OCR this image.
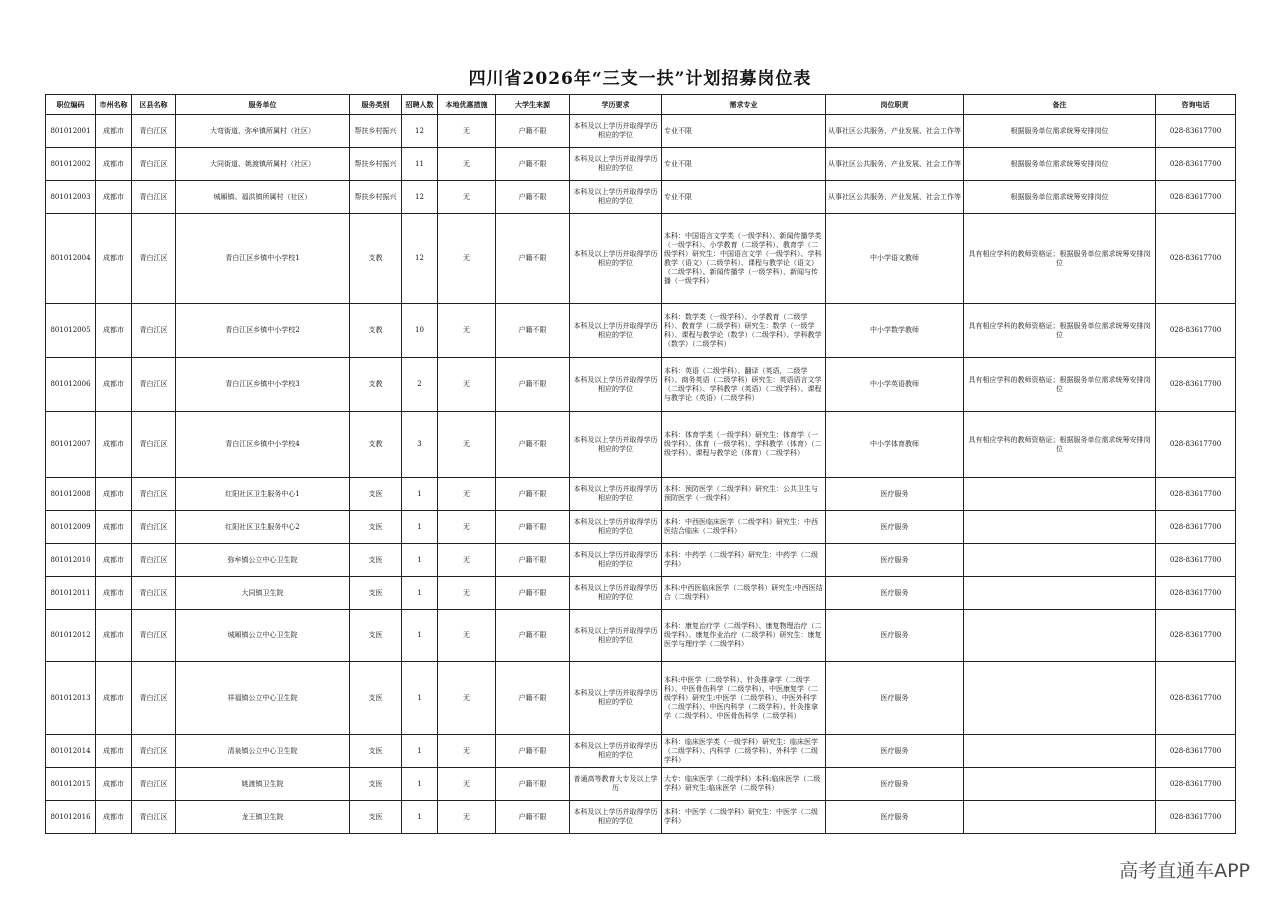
四川省2026年“三支一扶”计划招募岗位表
职位编码	市州名称	区县名称	服务单位	服务类别	招聘人数	本地优惠措施	大学生来源	学历要求	需求专业	岗位职责	备注	咨询电话
801012001	成都市	青白江区	大弯街道、弥牟镇所属村（社区）	帮扶乡村振兴	12	无	户籍不限	本科及以上学历并取得学历相应的学位	专业不限	从事社区公共服务、产业发展、社会工作等	根据服务单位需求统筹安排岗位	028-83617700
801012002	成都市	青白江区	大同街道、姚渡镇所属村（社区）	帮扶乡村振兴	11	无	户籍不限	本科及以上学历并取得学历相应的学位	专业不限	从事社区公共服务、产业发展、社会工作等	根据服务单位需求统筹安排岗位	028-83617700
801012003	成都市	青白江区	城厢镇、福洪镇所属村（社区）	帮扶乡村振兴	12	无	户籍不限	本科及以上学历并取得学历相应的学位	专业不限	从事社区公共服务、产业发展、社会工作等	根据服务单位需求统筹安排岗位	028-83617700
801012004	成都市	青白江区	青白江区乡镇中小学校1	支教	12	无	户籍不限	本科及以上学历并取得学历相应的学位	本科：中国语言文学类（一级学科）、新闻传播学类（一级学科）、小学教育（二级学科）、教育学（二级学科）研究生：中国语言文学（一级学科）、学科教学（语文）（二级学科）、课程与教学论（语文）（二级学科）、新闻传播学（一级学科）、新闻与传播（一级学科）	中小学语文教师	具有相应学科的教师资格证；根据服务单位需求统筹安排岗位	028-83617700
801012005	成都市	青白江区	青白江区乡镇中小学校2	支教	10	无	户籍不限	本科及以上学历并取得学历相应的学位	本科：数学类（一级学科）、小学教育（二级学科）、教育学（二级学科）研究生：数学（一级学科）、课程与教学论（数学）（二级学科）、学科教学（数学）（二级学科）	中小学数学教师	具有相应学科的教师资格证；根据服务单位需求统筹安排岗位	028-83617700
801012006	成都市	青白江区	青白江区乡镇中小学校3	支教	2	无	户籍不限	本科及以上学历并取得学历相应的学位	本科：英语（二级学科）、翻译（英语，二级学科）、商务英语（二级学科）研究生：英语语言文学（二级学科）、学科教学（英语）（二级学科）、课程与教学论（英语）（二级学科）	中小学英语教师	具有相应学科的教师资格证；根据服务单位需求统筹安排岗位	028-83617700
801012007	成都市	青白江区	青白江区乡镇中小学校4	支教	3	无	户籍不限	本科及以上学历并取得学历相应的学位	本科：体育学类（一级学科）研究生：体育学（一级学科）、体育（一级学科）、学科教学（体育）（二级学科）、课程与教学论（体育）（二级学科）	中小学体育教师	具有相应学科的教师资格证；根据服务单位需求统筹安排岗位	028-83617700
801012008	成都市	青白江区	红阳社区卫生服务中心1	支医	1	无	户籍不限	本科及以上学历并取得学历相应的学位	本科：预防医学（二级学科）研究生：公共卫生与预防医学（一级学科）	医疗服务		028-83617700
801012009	成都市	青白江区	红阳社区卫生服务中心2	支医	1	无	户籍不限	本科及以上学历并取得学历相应的学位	本科：中西医临床医学（二级学科）研究生：中西医结合临床（二级学科）	医疗服务		028-83617700
801012010	成都市	青白江区	弥牟镇公立中心卫生院	支医	1	无	户籍不限	本科及以上学历并取得学历相应的学位	本科：中药学（二级学科）研究生：中药学（二级学科）	医疗服务		028-83617700
801012011	成都市	青白江区	大同镇卫生院	支医	1	无	户籍不限	本科及以上学历并取得学历相应的学位	本科:中西医临床医学（二级学科）研究生:中西医结合（二级学科）	医疗服务		028-83617700
801012012	成都市	青白江区	城厢镇公立中心卫生院	支医	1	无	户籍不限	本科及以上学历并取得学历相应的学位	本科：康复治疗学（二级学科）、康复物理治疗（二级学科）、康复作业治疗（二级学科）研究生：康复医学与理疗学（二级学科）	医疗服务		028-83617700
801012013	成都市	青白江区	祥福镇公立中心卫生院	支医	1	无	户籍不限	本科及以上学历并取得学历相应的学位	本科:中医学（二级学科）、针灸推拿学（二级学科）、中医骨伤科学（二级学科）、中医康复学（二级学科）研究生:中医学（二级学科）、中医外科学（二级学科）、中医内科学（二级学科）、针灸推拿学（二级学科）、中医骨伤科学（二级学科）	医疗服务		028-83617700
801012014	成都市	青白江区	清泉镇公立中心卫生院	支医	1	无	户籍不限	本科及以上学历并取得学历相应的学位	本科：临床医学类（一级学科）研究生：临床医学（二级学科）、内科学（二级学科）、外科学（二级学科）	医疗服务		028-83617700
801012015	成都市	青白江区	姚渡镇卫生院	支医	1	无	户籍不限	普通高等教育大专及以上学历	大专：临床医学（二级学科）本科:临床医学（二级学科）研究生:临床医学（二级学科）	医疗服务		028-83617700
801012016	成都市	青白江区	龙王镇卫生院	支医	1	无	户籍不限	本科及以上学历并取得学历相应的学位	本科：中医学（二级学科）研究生：中医学（二级学科）	医疗服务		028-83617700
高考直通车APP
